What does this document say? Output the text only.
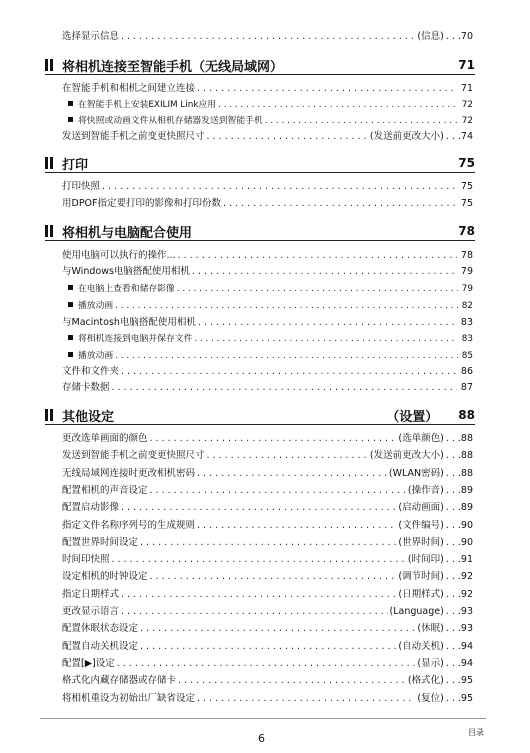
选择显示信息 . . .	(信息) . . .70
将相机连接至智能手机（无线局域网）	71
在智能手机和相机之间建立连接 . . .	71
在智能手机上安装EXILIM Link应用 . . .	72
将快照或动画文件从相机存储器发送到智能手机 . . .	72
发送到智能手机之前变更快照尺寸 . . .	(发送前更改大小) . . .74
打印	75
打印快照 . . .	75
用DPOF指定要打印的影像和打印份数 . . .	75
将相机与电脑配合使用	78
使用电脑可以执行的操作... . . .	78
与Windows电脑搭配使用相机 . . .	79
在电脑上查看和储存影像 . . .	79
播放动画 . . .	82
与Macintosh电脑搭配使用相机 . . .	83
将相机连接到电脑并保存文件 . . .	83
播放动画 . . .	85
文件和文件夹 . . .	86
存储卡数据 . . .	87
其他设定	（设置） 88
更改选单画面的颜色 . . .	(选单颜色) . . .88
发送到智能手机之前变更快照尺寸 . . .	(发送前更改大小) . . .88
无线局域网连接时更改相机密码 . . .	(WLAN密码) . . .88
配置相机的声音设定 . . .	(操作音) . . .89
配置启动影像 . . .	(启动画面) . . .89
指定文件名称序列号的生成规则 . . .	(文件编号) . . .90
配置世界时间设定 . . .	(世界时间) . . .90
时间印快照 . . .	(时间印) . . .91
设定相机的时钟设定 . . .	(调节时间) . . .92
指定日期样式 . . .	(日期样式) . . .92
更改显示语言 . . .	(Language) . . .93
配置休眠状态设定 . . .	(休眠) . . .93
配置自动关机设定 . . .	(自动关机) . . .94
配置[▶]设定 . . .	(显示) . . .94
格式化内藏存储器或存储卡 . . .	(格式化) . . .95
将相机重设为初始出厂缺省设定 . . .	(复位) . . .95
6	目录
